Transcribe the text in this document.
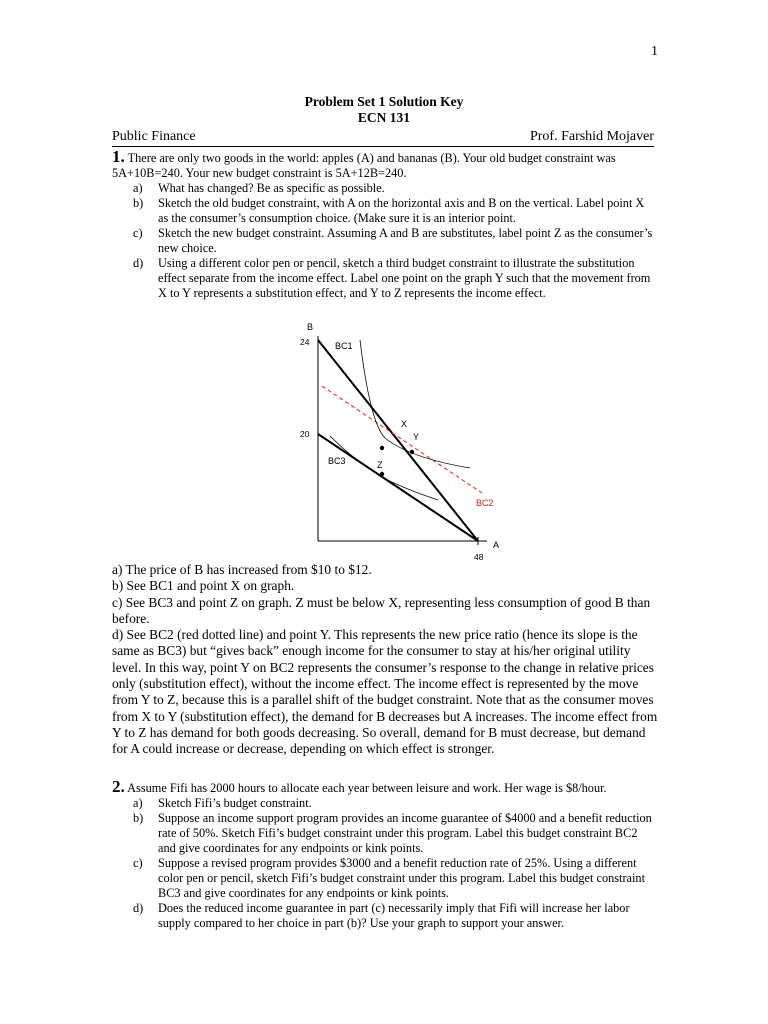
1
Problem Set 1 Solution Key
ECN 131
Public Finance	Prof. Farshid Mojaver
1. There are only two goods in the world: apples (A) and bananas (B). Your old budget constraint was 5A+10B=240. Your new budget constraint is 5A+12B=240.
a) What has changed? Be as specific as possible.
b) Sketch the old budget constraint, with A on the horizontal axis and B on the vertical. Label point X as the consumer’s consumption choice. (Make sure it is an interior point.
c) Sketch the new budget constraint. Assuming A and B are substitutes, label point Z as the consumer’s new choice.
d) Using a different color pen or pencil, sketch a third budget constraint to illustrate the substitution effect separate from the income effect. Label one point on the graph Y such that the movement from X to Y represents a substitution effect, and Y to Z represents the income effect.
B
A
24
20
48
BC1
BC3
BC2
X
Y
Z

a) The price of B has increased from $10 to $12.

b) See BC1 and point X on graph.

c) See BC3 and point Z on graph. Z must be below X, representing less consumption of good B than before.

d) See BC2 (red dotted line) and point Y. This represents the new price ratio (hence its slope is the same as BC3) but “gives back” enough income for the consumer to stay at his/her original utility level. In this way, point Y on BC2 represents the consumer’s response to the change in relative prices only (substitution effect), without the income effect. The income effect is represented by the move from Y to Z, because this is a parallel shift of the budget constraint. Note that as the consumer moves from X to Y (substitution effect), the demand for B decreases but A increases. The income effect from Y to Z has demand for both goods decreasing. So overall, demand for B must decrease, but demand for A could increase or decrease, depending on which effect is stronger.

2. Assume Fifi has 2000 hours to allocate each year between leisure and work. Her wage is $8/hour.
a) Sketch Fifi’s budget constraint.
b) Suppose an income support program provides an income guarantee of $4000 and a benefit reduction rate of 50%. Sketch Fifi’s budget constraint under this program. Label this budget constraint BC2 and give coordinates for any endpoints or kink points.
c) Suppose a revised program provides $3000 and a benefit reduction rate of 25%. Using a different color pen or pencil, sketch Fifi’s budget constraint under this program. Label this budget constraint BC3 and give coordinates for any endpoints or kink points.
d) Does the reduced income guarantee in part (c) necessarily imply that Fifi will increase her labor supply compared to her choice in part (b)? Use your graph to support your answer.
